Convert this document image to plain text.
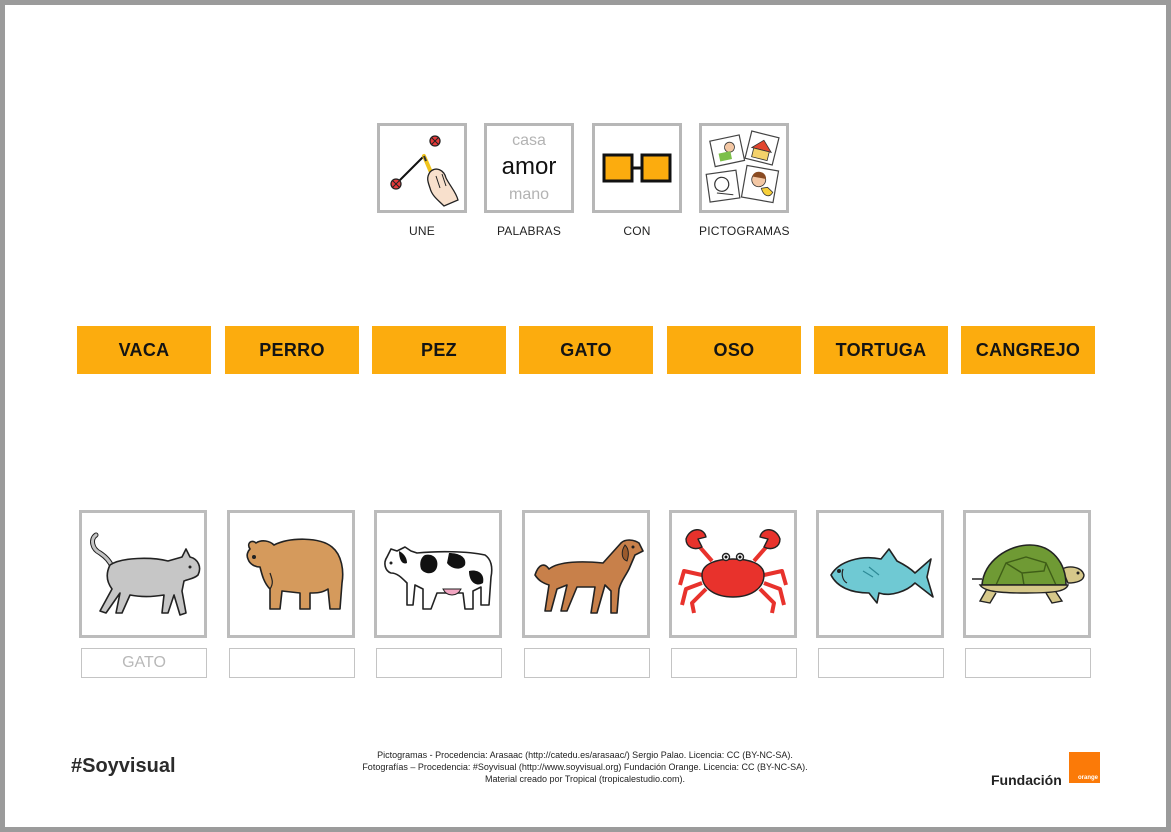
UNE
casa
amor
mano
PALABRAS	CON	PICTOGRAMAS
VACA	PERRO	PEZ	GATO	OSO	TORTUGA	CANGREJO
GATO
#Soyvisual	Pictogramas - Procedencia: Arasaac (http://catedu.es/arasaac/) Sergio Palao. Licencia: CC (BY-NC-SA).
Fotografías – Procedencia: #Soyvisual (http://www.soyvisual.org) Fundación Orange. Licencia: CC (BY-NC-SA).
Material creado por Tropical (tropicalestudio.com).	Fundación	orange
